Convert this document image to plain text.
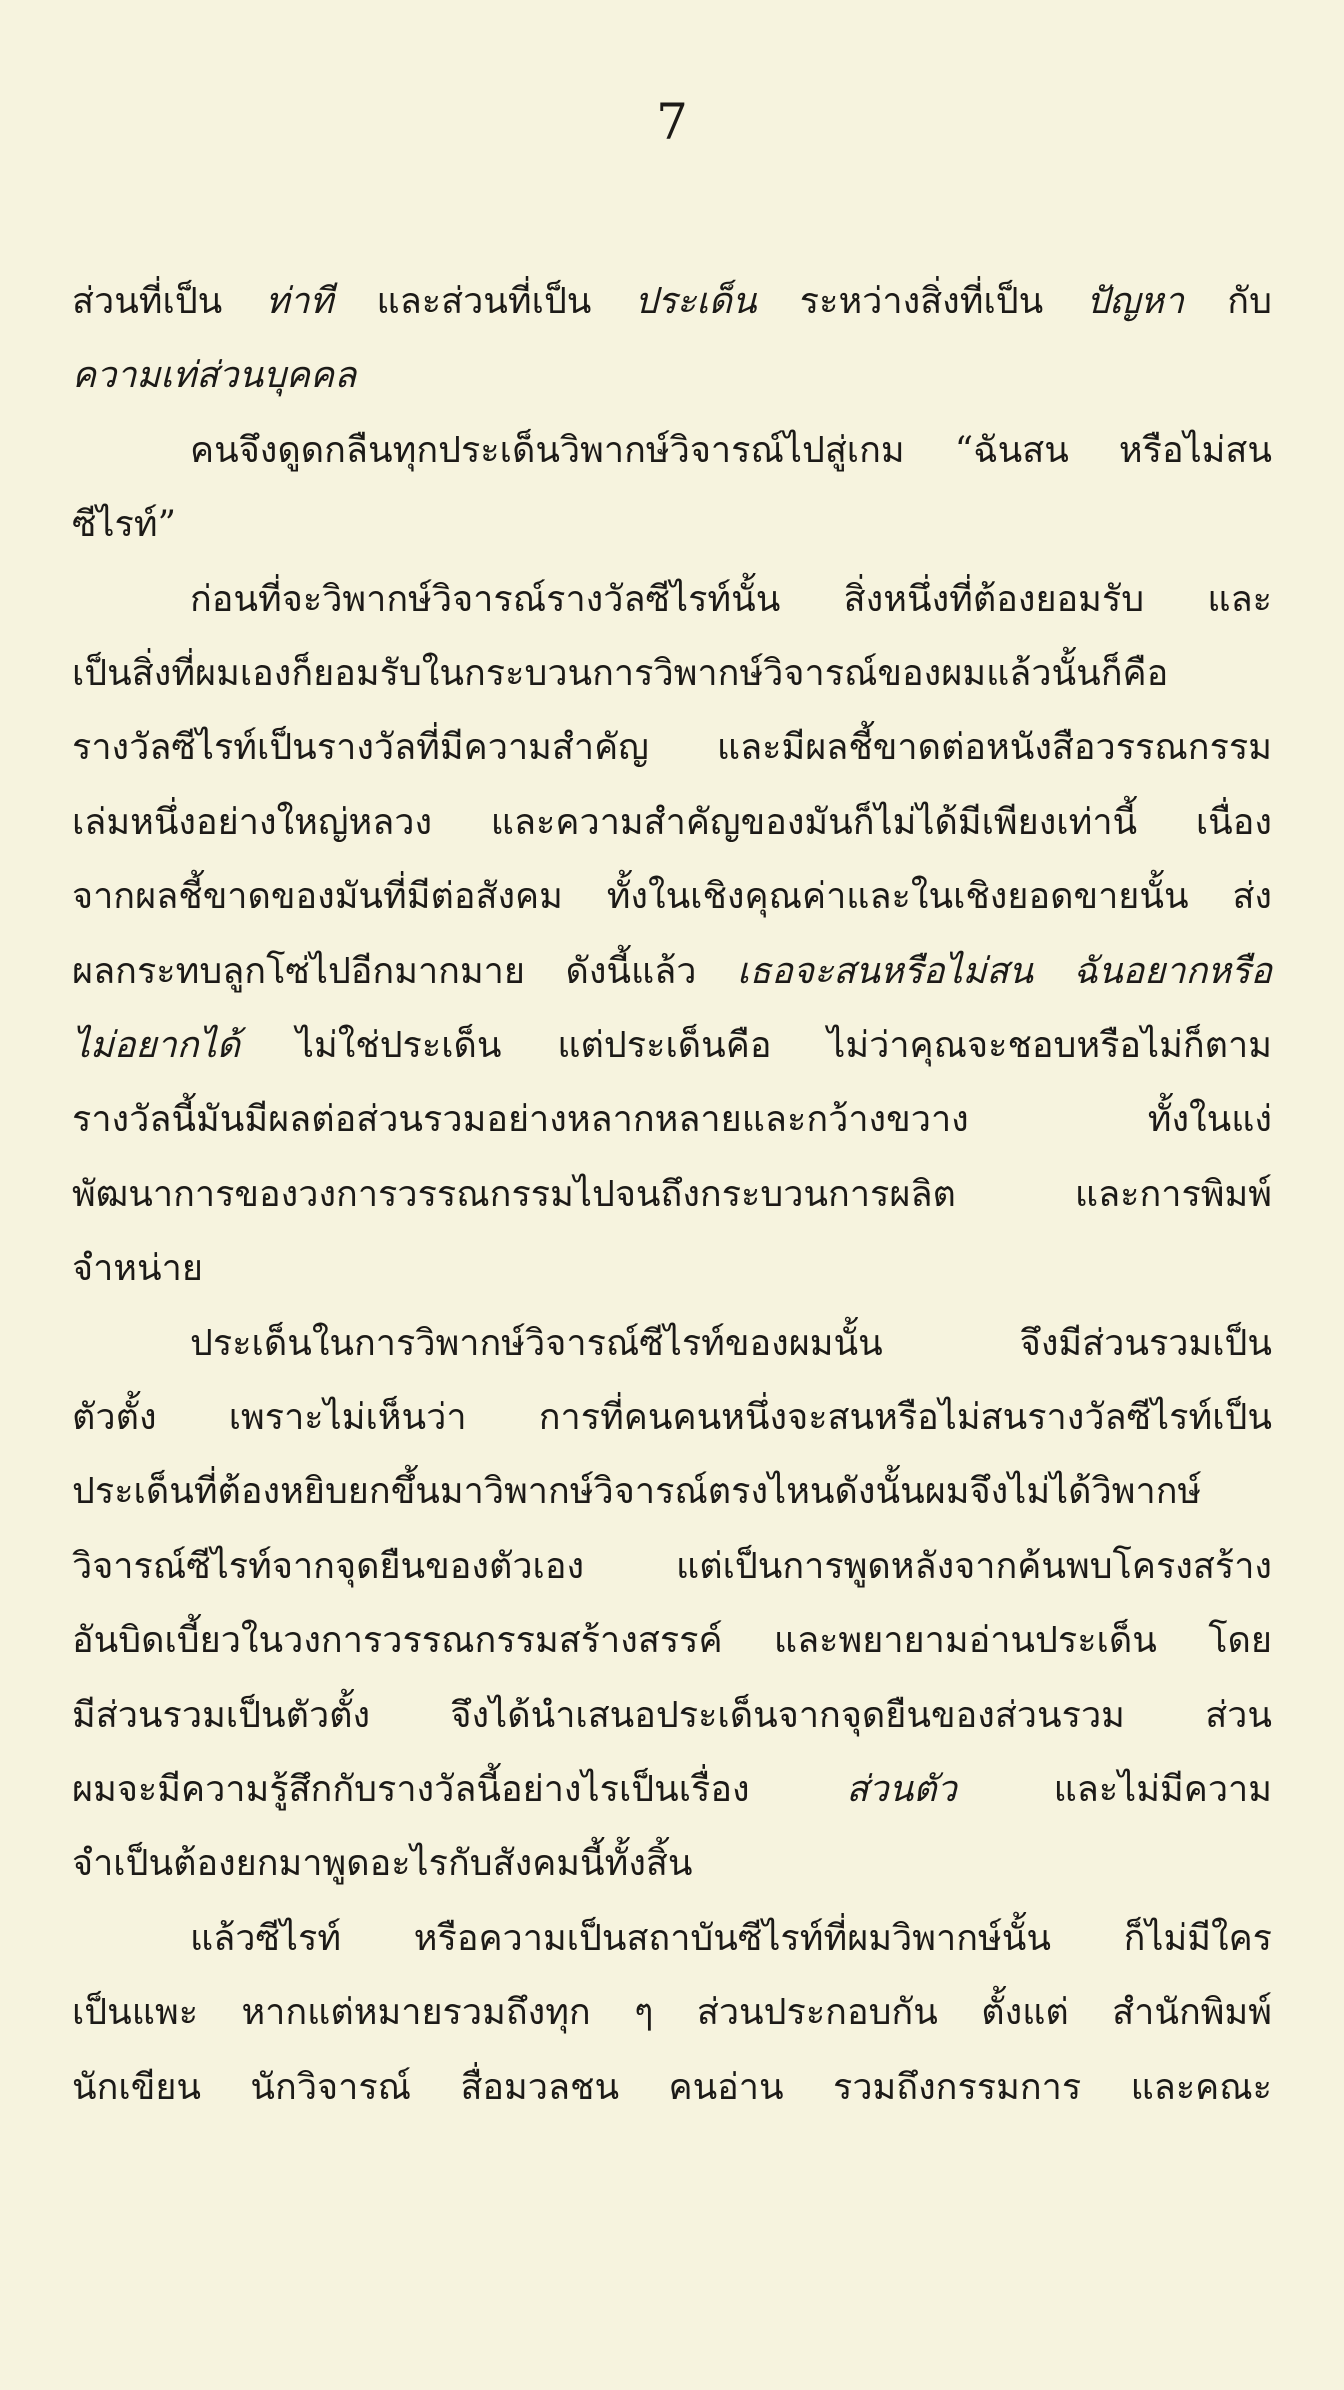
7
ส่วนที่เป็น ท่าที และส่วนที่เป็น ประเด็น ระหว่างสิ่งที่เป็น ปัญหา กับ
ความเท่ส่วนบุคคล
คนจึงดูดกลืนทุกประเด็นวิพากษ์วิจารณ์ไปสู่เกม “ฉันสน หรือไม่สน
ซีไรท์”
ก่อนที่จะวิพากษ์วิจารณ์รางวัลซีไรท์นั้น สิ่งหนึ่งที่ต้องยอมรับ และ
เป็นสิ่งที่ผมเองก็ยอมรับในกระบวนการวิพากษ์วิจารณ์ของผมแล้วนั้นก็คือ
รางวัลซีไรท์เป็นรางวัลที่มีความสำคัญ และมีผลชี้ขาดต่อหนังสือวรรณกรรม
เล่มหนึ่งอย่างใหญ่หลวง และความสำคัญของมันก็ไม่ได้มีเพียงเท่านี้ เนื่อง
จากผลชี้ขาดของมันที่มีต่อสังคม ทั้งในเชิงคุณค่าและในเชิงยอดขายนั้น ส่ง
ผลกระทบลูกโซ่ไปอีกมากมาย ดังนี้แล้ว เธอจะสนหรือไม่สน ฉันอยากหรือ
ไม่อยากได้ ไม่ใช่ประเด็น แต่ประเด็นคือ ไม่ว่าคุณจะชอบหรือไม่ก็ตาม
รางวัลนี้มันมีผลต่อส่วนรวมอย่างหลากหลายและกว้างขวาง	ทั้งในแง่
พัฒนาการของวงการวรรณกรรมไปจนถึงกระบวนการผลิต	และการพิมพ์
จำหน่าย
ประเด็นในการวิพากษ์วิจารณ์ซีไรท์ของผมนั้น	จึงมีส่วนรวมเป็น
ตัวตั้ง เพราะไม่เห็นว่า การที่คนคนหนึ่งจะสนหรือไม่สนรางวัลซีไรท์เป็น
ประเด็นที่ต้องหยิบยกขึ้นมาวิพากษ์วิจารณ์ตรงไหนดังนั้นผมจึงไม่ได้วิพากษ์
วิจารณ์ซีไรท์จากจุดยืนของตัวเอง	แต่เป็นการพูดหลังจากค้นพบโครงสร้าง
อันบิดเบี้ยวในวงการวรรณกรรมสร้างสรรค์ และพยายามอ่านประเด็น โดย
มีส่วนรวมเป็นตัวตั้ง จึงได้นำเสนอประเด็นจากจุดยืนของส่วนรวม ส่วน
ผมจะมีความรู้สึกกับรางวัลนี้อย่างไรเป็นเรื่อง	ส่วนตัว	และไม่มีความ
จำเป็นต้องยกมาพูดอะไรกับสังคมนี้ทั้งสิ้น
แล้วซีไรท์ หรือความเป็นสถาบันซีไรท์ที่ผมวิพากษ์นั้น ก็ไม่มีใคร
เป็นแพะ หากแต่หมายรวมถึงทุก ๆ ส่วนประกอบกัน ตั้งแต่ สำนักพิมพ์
นักเขียน นักวิจารณ์ สื่อมวลชน คนอ่าน รวมถึงกรรมการ และคณะ
